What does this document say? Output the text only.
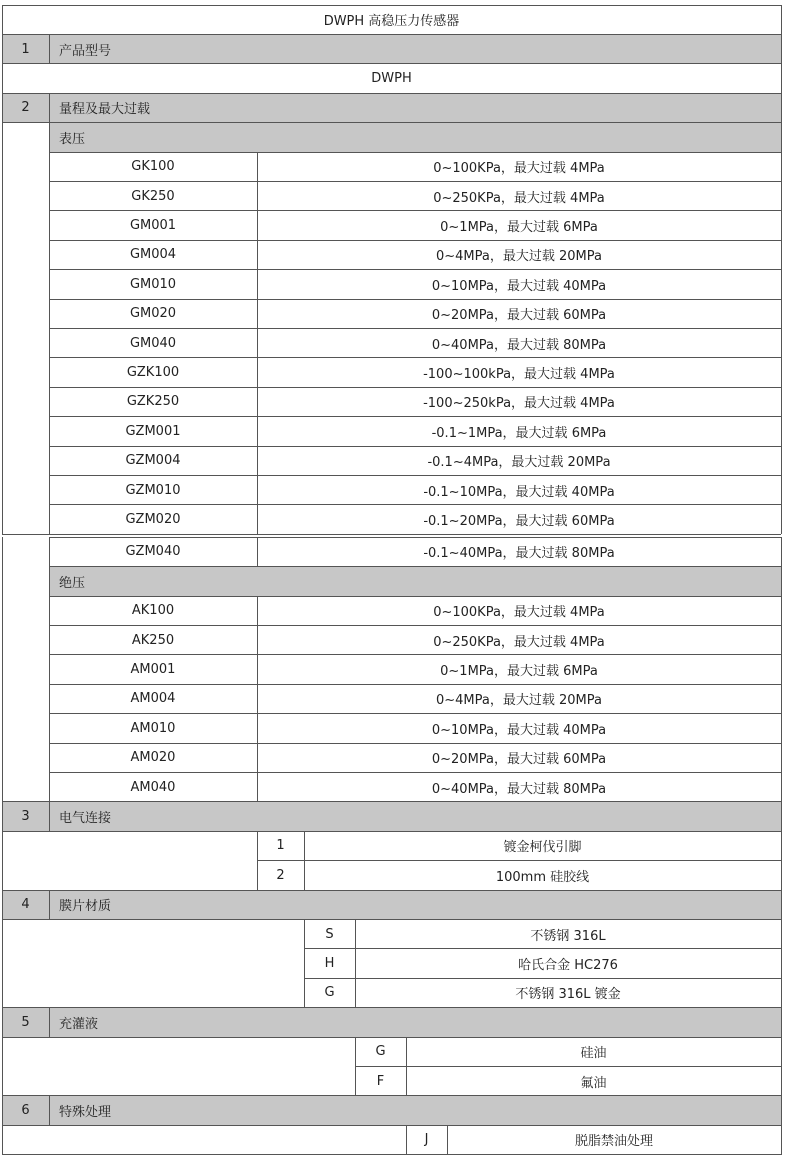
DWPH 高稳压力传感器
1	产品型号
DWPH
2	量程及最大过载
表压
GK100	0~100KPa，最大过载 4MPa
GK250	0~250KPa，最大过载 4MPa
GM001	0~1MPa，最大过载 6MPa
GM004	0~4MPa，最大过载 20MPa
GM010	0~10MPa，最大过载 40MPa
GM020	0~20MPa，最大过载 60MPa
GM040	0~40MPa，最大过载 80MPa
GZK100	-100~100kPa，最大过载 4MPa
GZK250	-100~250kPa，最大过载 4MPa
GZM001	-0.1~1MPa，最大过载 6MPa
GZM004	-0.1~4MPa，最大过载 20MPa
GZM010	-0.1~10MPa，最大过载 40MPa
GZM020	-0.1~20MPa，最大过载 60MPa
GZM040	-0.1~40MPa，最大过载 80MPa
绝压
AK100	0~100KPa，最大过载 4MPa
AK250	0~250KPa，最大过载 4MPa
AM001	0~1MPa，最大过载 6MPa
AM004	0~4MPa，最大过载 20MPa
AM010	0~10MPa，最大过载 40MPa
AM020	0~20MPa，最大过载 60MPa
AM040	0~40MPa，最大过载 80MPa
3	电气连接
1	镀金柯伐引脚
2	100mm 硅胶线
4	膜片材质
S	不锈钢 316L
H	哈氏合金 HC276
G	不锈钢 316L 镀金
5	充灌液
G	硅油
F	氟油
6	特殊处理
J	脱脂禁油处理
